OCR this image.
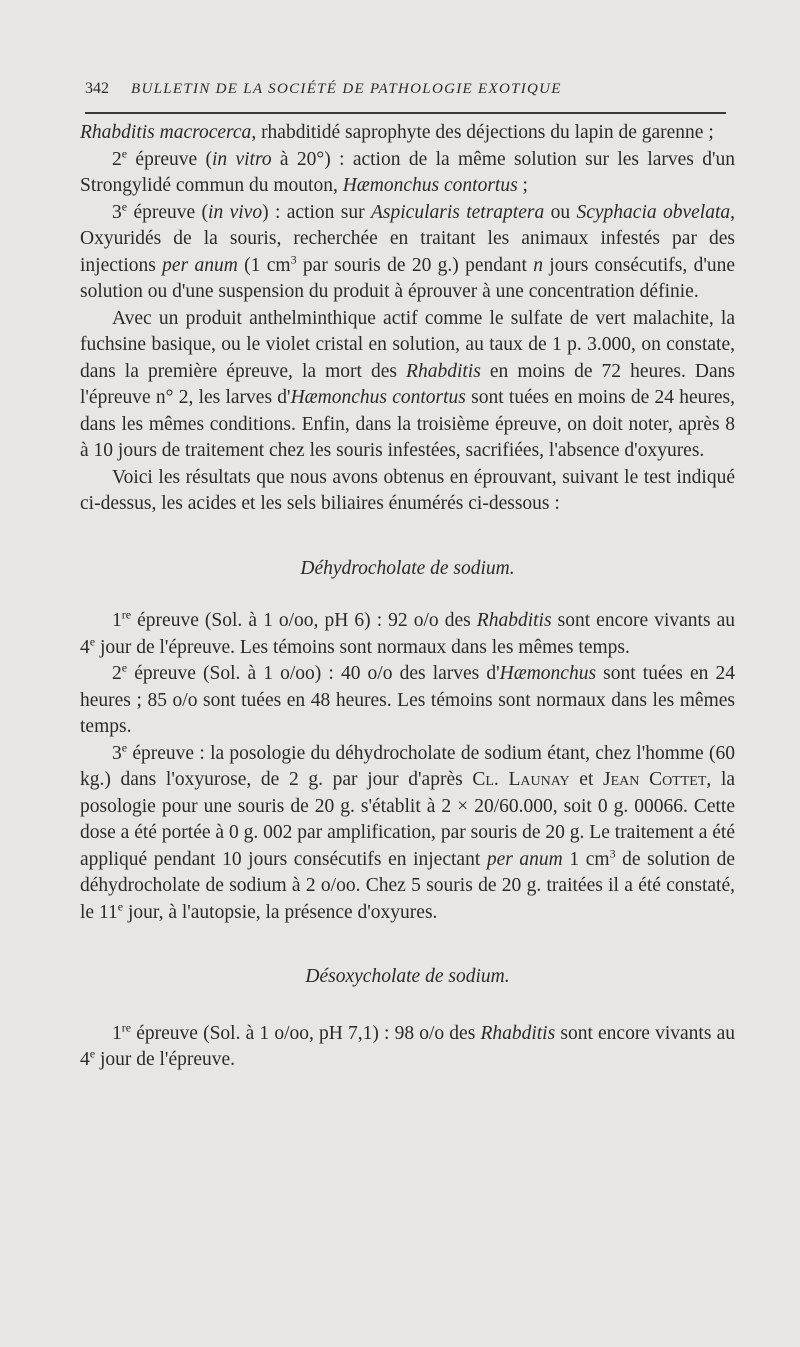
342 BULLETIN DE LA SOCIÉTÉ DE PATHOLOGIE EXOTIQUE

Rhabditis macrocerca, rhabditidé saprophyte des déjections du lapin de garenne ;

2e épreuve (in vitro à 20°) : action de la même solution sur les larves d'un Strongylidé commun du mouton, Hæmonchus contortus ;

3e épreuve (in vivo) : action sur Aspicularis tetraptera ou Scyphacia obvelata, Oxyuridés de la souris, recherchée en traitant les animaux infestés par des injections per anum (1 $cm^3$ par souris de 20 g.) pendant n jours consécutifs, d'une solution ou d'une suspension du produit à éprouver à une concentration définie.

Avec un produit anthelminthique actif comme le sulfate de vert malachite, la fuchsine basique, ou le violet cristal en solution, au taux de 1 p. 3.000, on constate, dans la première épreuve, la mort des Rhabditis en moins de 72 heures. Dans l'épreuve n° 2, les larves d'Hæmonchus contortus sont tuées en moins de 24 heures, dans les mêmes conditions. Enfin, dans la troisième épreuve, on doit noter, après 8 à 10 jours de traitement chez les souris infestées, sacrifiées, l'absence d'oxyures.

Voici les résultats que nous avons obtenus en éprouvant, suivant le test indiqué ci-dessus, les acides et les sels biliaires énumérés ci-dessous :

Déhydrocholate de sodium.

1re épreuve (Sol. à 1 o/oo, pH 6) : 92 o/o des Rhabditis sont encore vivants au 4e jour de l'épreuve. Les témoins sont normaux dans les mêmes temps.

2e épreuve (Sol. à 1 o/oo) : 40 o/o des larves d'Hæmonchus sont tuées en 24 heures ; 85 o/o sont tuées en 48 heures. Les témoins sont normaux dans les mêmes temps.

3e épreuve : la posologie du déhydrocholate de sodium étant, chez l'homme (60 kg.) dans l'oxyurose, de 2 g. par jour d'après Cl. Launay et Jean Cottet, la posologie pour une souris de 20 g. s'établit à 2 × 20/60.000, soit 0 g. 00066. Cette dose a été portée à 0 g. 002 par amplification, par souris de 20 g. Le traitement a été appliqué pendant 10 jours consécutifs en injectant per anum 1 $cm^3$ de solution de déhydrocholate de sodium à 2 o/oo. Chez 5 souris de 20 g. traitées il a été constaté, le 11e jour, à l'autopsie, la présence d'oxyures.

Désoxycholate de sodium.

1re épreuve (Sol. à 1 o/oo, pH 7,1) : 98 o/o des Rhabditis sont encore vivants au 4e jour de l'épreuve.
